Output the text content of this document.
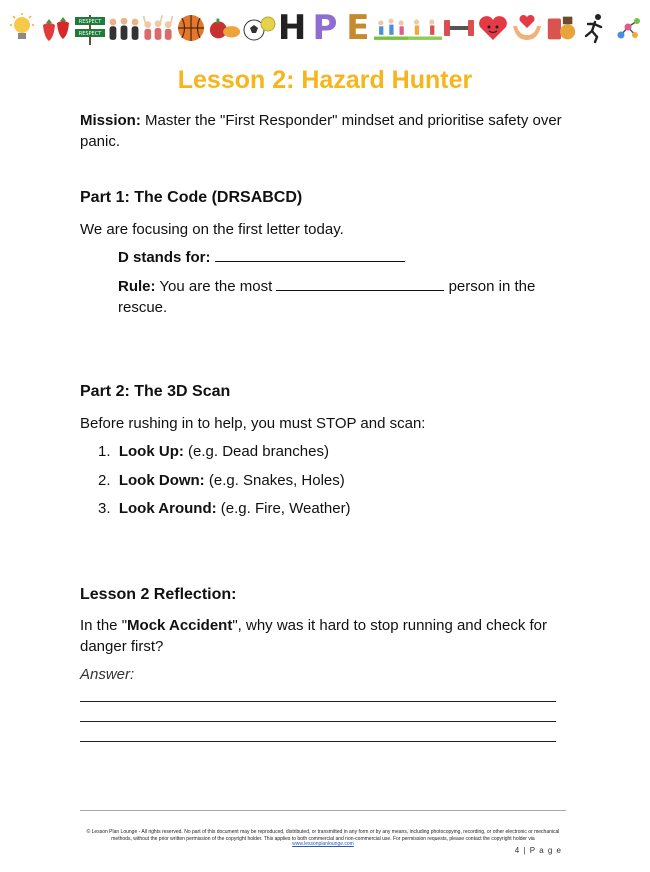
RESPECT
RESPECT	H P E
Lesson 2: Hazard Hunter

Mission: Master the "First Responder" mindset and prioritise safety over panic.

Part 1: The Code (DRSABCD)

We are focusing on the first letter today.

D stands for:

Rule: You are the most	person in the rescue.

Part 2: The 3D Scan

Before rushing in to help, you must STOP and scan:

1. Look Up: (e.g. Dead branches)

2. Look Down: (e.g. Snakes, Holes)

3. Look Around: (e.g. Fire, Weather)

Lesson 2 Reflection:

In the "Mock Accident", why was it hard to stop running and check for danger first?

Answer:

© Lesson Plan Lounge - All rights reserved. No part of this document may be reproduced, distributed, or transmitted in any form or by any means, including photocopying, recording, or other electronic or mechanical methods, without the prior written permission of the copyright holder. This applies to both commercial and non-commercial use. For permission requests, please contact the copyright holder via
www.lessonplanlounge.com
4 | P a g e
